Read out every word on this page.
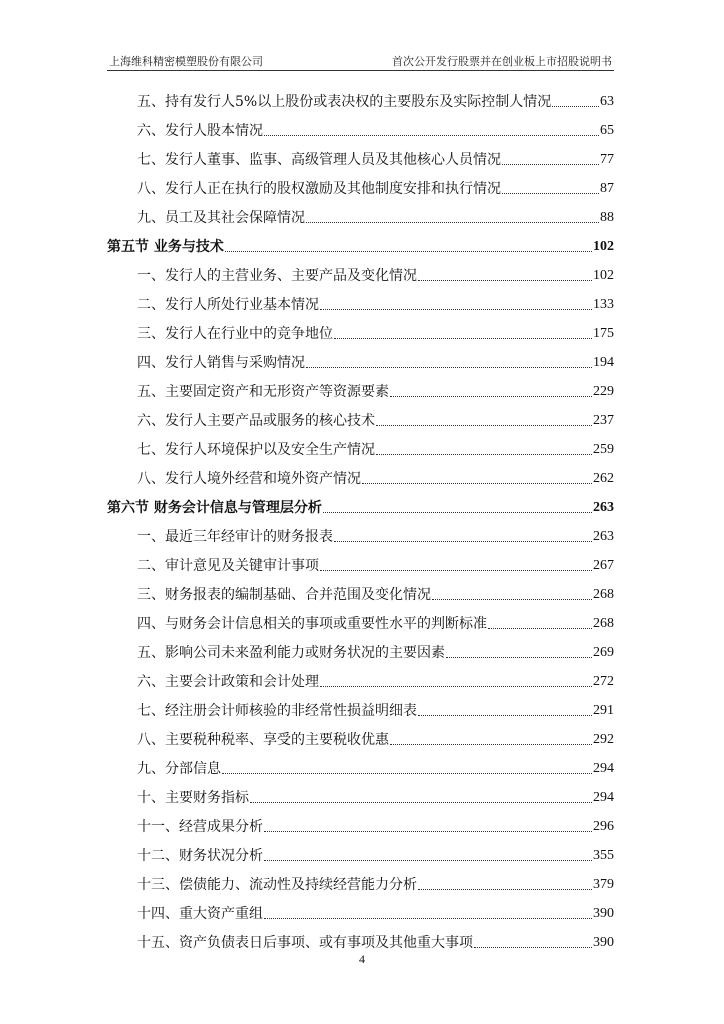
上海维科精密模塑股份有限公司	首次公开发行股票并在创业板上市招股说明书
五、持有发行人5%以上股份或表决权的主要股东及实际控制人情况	63
六、发行人股本情况	65
七、发行人董事、监事、高级管理人员及其他核心人员情况	77
八、发行人正在执行的股权激励及其他制度安排和执行情况	87
九、员工及其社会保障情况	88
第五节 业务与技术	102
一、发行人的主营业务、主要产品及变化情况	102
二、发行人所处行业基本情况	133
三、发行人在行业中的竞争地位	175
四、发行人销售与采购情况	194
五、主要固定资产和无形资产等资源要素	229
六、发行人主要产品或服务的核心技术	237
七、发行人环境保护以及安全生产情况	259
八、发行人境外经营和境外资产情况	262
第六节 财务会计信息与管理层分析	263
一、最近三年经审计的财务报表	263
二、审计意见及关键审计事项	267
三、财务报表的编制基础、合并范围及变化情况	268
四、与财务会计信息相关的事项或重要性水平的判断标准	268
五、影响公司未来盈利能力或财务状况的主要因素	269
六、主要会计政策和会计处理	272
七、经注册会计师核验的非经常性损益明细表	291
八、主要税种税率、享受的主要税收优惠	292
九、分部信息	294
十、主要财务指标	294
十一、经营成果分析	296
十二、财务状况分析	355
十三、偿债能力、流动性及持续经营能力分析	379
十四、重大资产重组	390
十五、资产负债表日后事项、或有事项及其他重大事项	390
4
